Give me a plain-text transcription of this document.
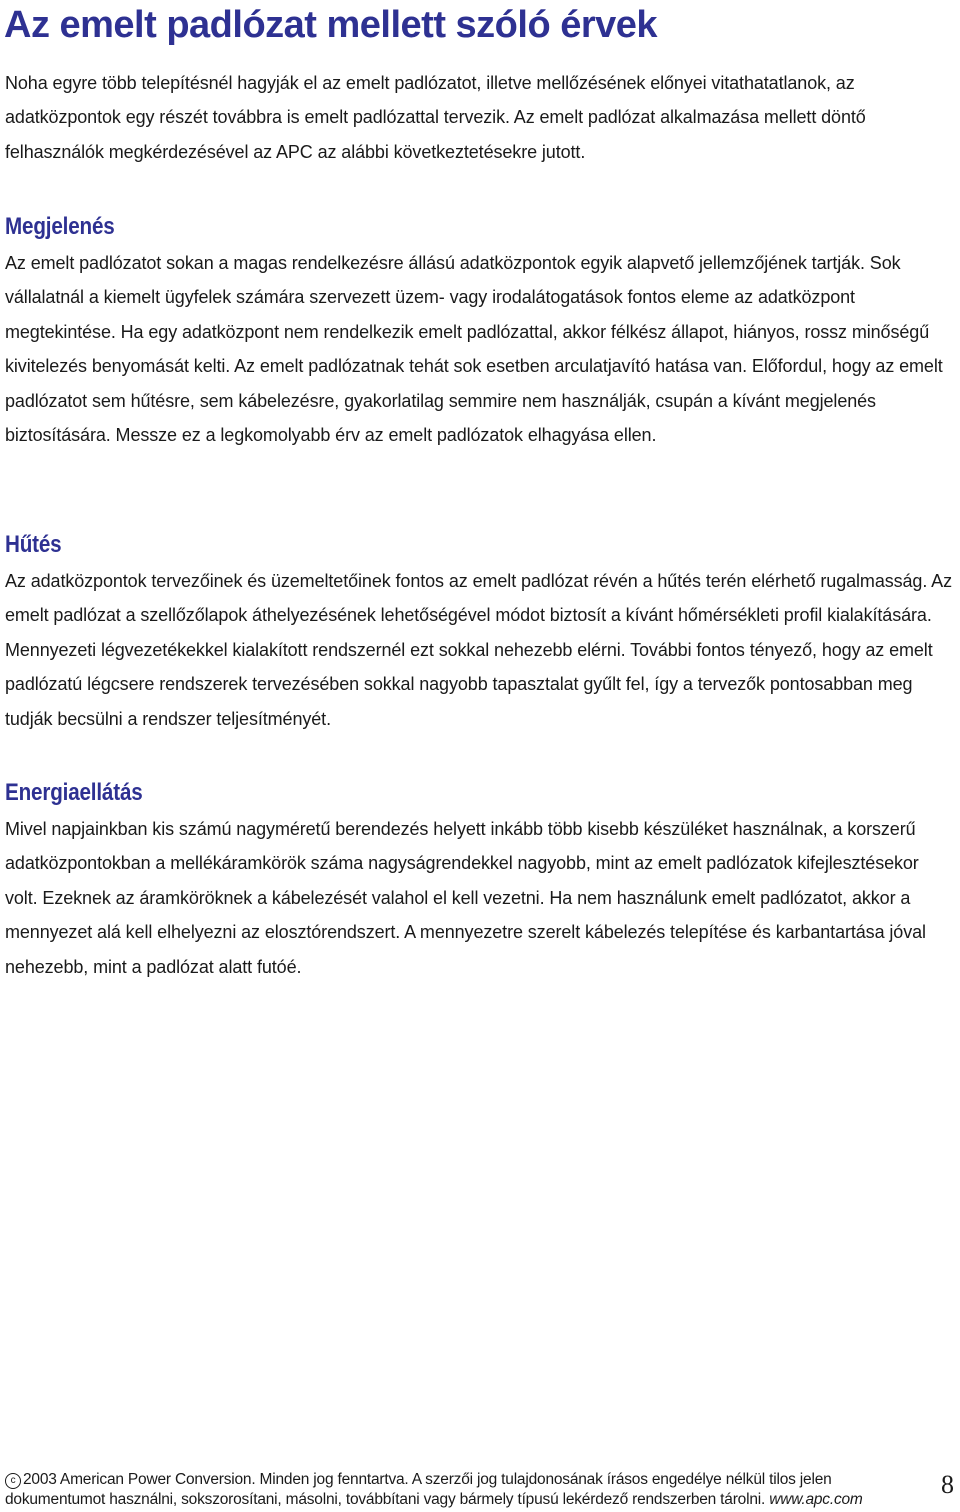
Az emelt padlózat mellett szóló érvek

Noha egyre több telepítésnél hagyják el az emelt padlózatot, illetve mellőzésének előnyei vitathatatlanok, az adatközpontok egy részét továbbra is emelt padlózattal tervezik. Az emelt padlózat alkalmazása mellett döntő felhasználók megkérdezésével az APC az alábbi következtetésekre jutott.

Megjelenés

Az emelt padlózatot sokan a magas rendelkezésre állású adatközpontok egyik alapvető jellemzőjének tartják. Sok vállalatnál a kiemelt ügyfelek számára szervezett üzem- vagy irodalátogatások fontos eleme az adatközpont megtekintése. Ha egy adatközpont nem rendelkezik emelt padlózattal, akkor félkész állapot, hiányos, rossz minőségű kivitelezés benyomását kelti. Az emelt padlózatnak tehát sok esetben arculatjavító hatása van. Előfordul, hogy az emelt padlózatot sem hűtésre, sem kábelezésre, gyakorlatilag semmire nem használják, csupán a kívánt megjelenés biztosítására. Messze ez a legkomolyabb érv az emelt padlózatok elhagyása ellen.

Hűtés

Az adatközpontok tervezőinek és üzemeltetőinek fontos az emelt padlózat révén a hűtés terén elérhető rugalmasság. Az emelt padlózat a szellőzőlapok áthelyezésének lehetőségével módot biztosít a kívánt hőmérsékleti profil kialakítására. Mennyezeti légvezetékekkel kialakított rendszernél ezt sokkal nehezebb elérni. További fontos tényező, hogy az emelt padlózatú légcsere rendszerek tervezésében sokkal nagyobb tapasztalat gyűlt fel, így a tervezők pontosabban meg tudják becsülni a rendszer teljesítményét.

Energiaellátás

Mivel napjainkban kis számú nagyméretű berendezés helyett inkább több kisebb készüléket használnak, a korszerű adatközpontokban a mellékáramkörök száma nagyságrendekkel nagyobb, mint az emelt padlózatok kifejlesztésekor volt. Ezeknek az áramköröknek a kábelezését valahol el kell vezetni. Ha nem használunk emelt padlózatot, akkor a mennyezet alá kell elhelyezni az elosztórendszert. A mennyezetre szerelt kábelezés telepítése és karbantartása jóval nehezebb, mint a padlózat alatt futóé.

c2003 American Power Conversion. Minden jog fenntartva. A szerzői jog tulajdonosának írásos engedélye nélkül tilos jelen dokumentumot használni, sokszorosítani, másolni, továbbítani vagy bármely típusú lekérdező rendszerben tárolni. www.apc.com
8
